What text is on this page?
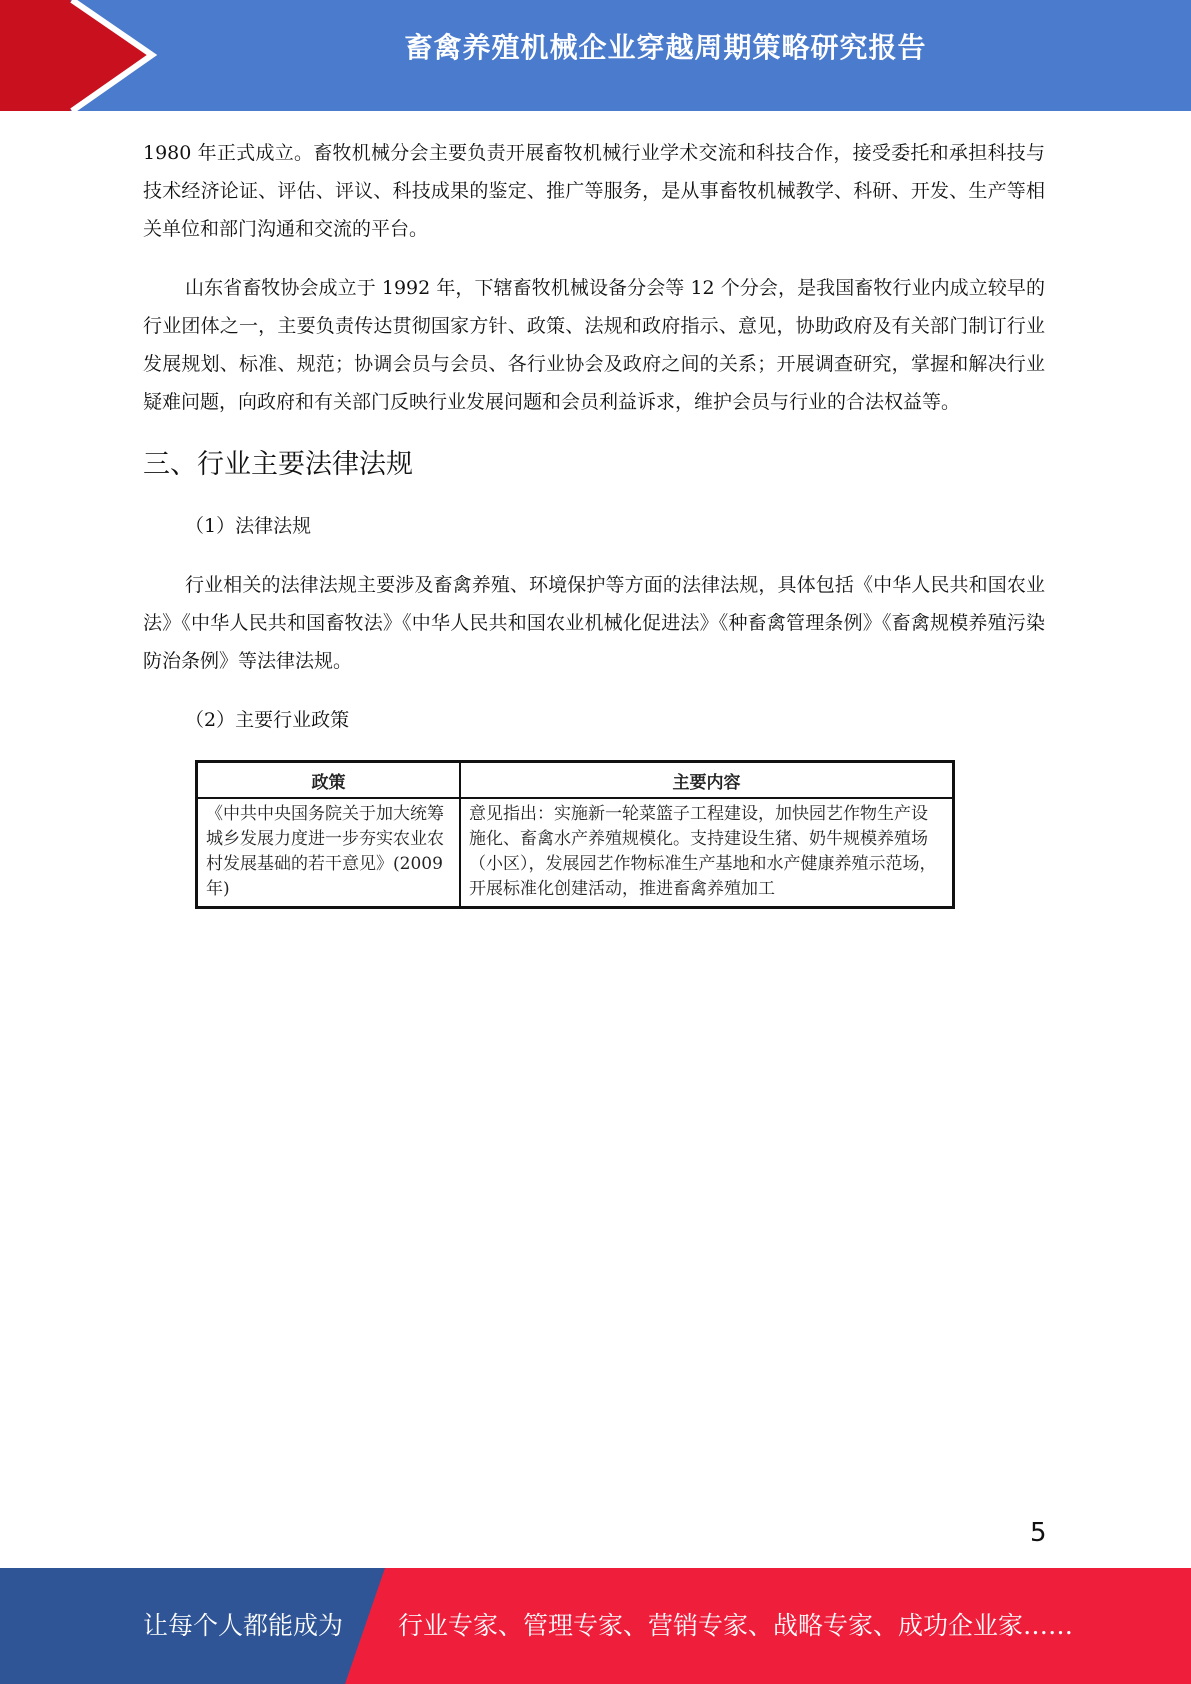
畜禽养殖机械企业穿越周期策略研究报告

1980 年正式成立。畜牧机械分会主要负责开展畜牧机械行业学术交流和科技合作，接受委托和承担科技与技术经济论证、评估、评议、科技成果的鉴定、推广等服务，是从事畜牧机械教学、科研、开发、生产等相关单位和部门沟通和交流的平台。

山东省畜牧协会成立于 1992 年，下辖畜牧机械设备分会等 12 个分会，是我国畜牧行业内成立较早的行业团体之一，主要负责传达贯彻国家方针、政策、法规和政府指示、意见，协助政府及有关部门制订行业发展规划、标准、规范；协调会员与会员、各行业协会及政府之间的关系；开展调查研究，掌握和解决行业疑难问题，向政府和有关部门反映行业发展问题和会员利益诉求，维护会员与行业的合法权益等。

三、行业主要法律法规

（1）法律法规

行业相关的法律法规主要涉及畜禽养殖、环境保护等方面的法律法规，具体包括《中华人民共和国农业法》《中华人民共和国畜牧法》《中华人民共和国农业机械化促进法》《种畜禽管理条例》《畜禽规模养殖污染防治条例》等法律法规。

（2）主要行业政策

政策	主要内容
《中共中央国务院关于加大统筹城乡发展力度进一步夯实农业农村发展基础的若干意见》(2009 年)	意见指出：实施新一轮菜篮子工程建设，加快园艺作物生产设施化、畜禽水产养殖规模化。支持建设生猪、奶牛规模养殖场（小区），发展园艺作物标准生产基地和水产健康养殖示范场，开展标准化创建活动，推进畜禽养殖加工
5
让每个人都能成为 行业专家、管理专家、营销专家、战略专家、成功企业家……
